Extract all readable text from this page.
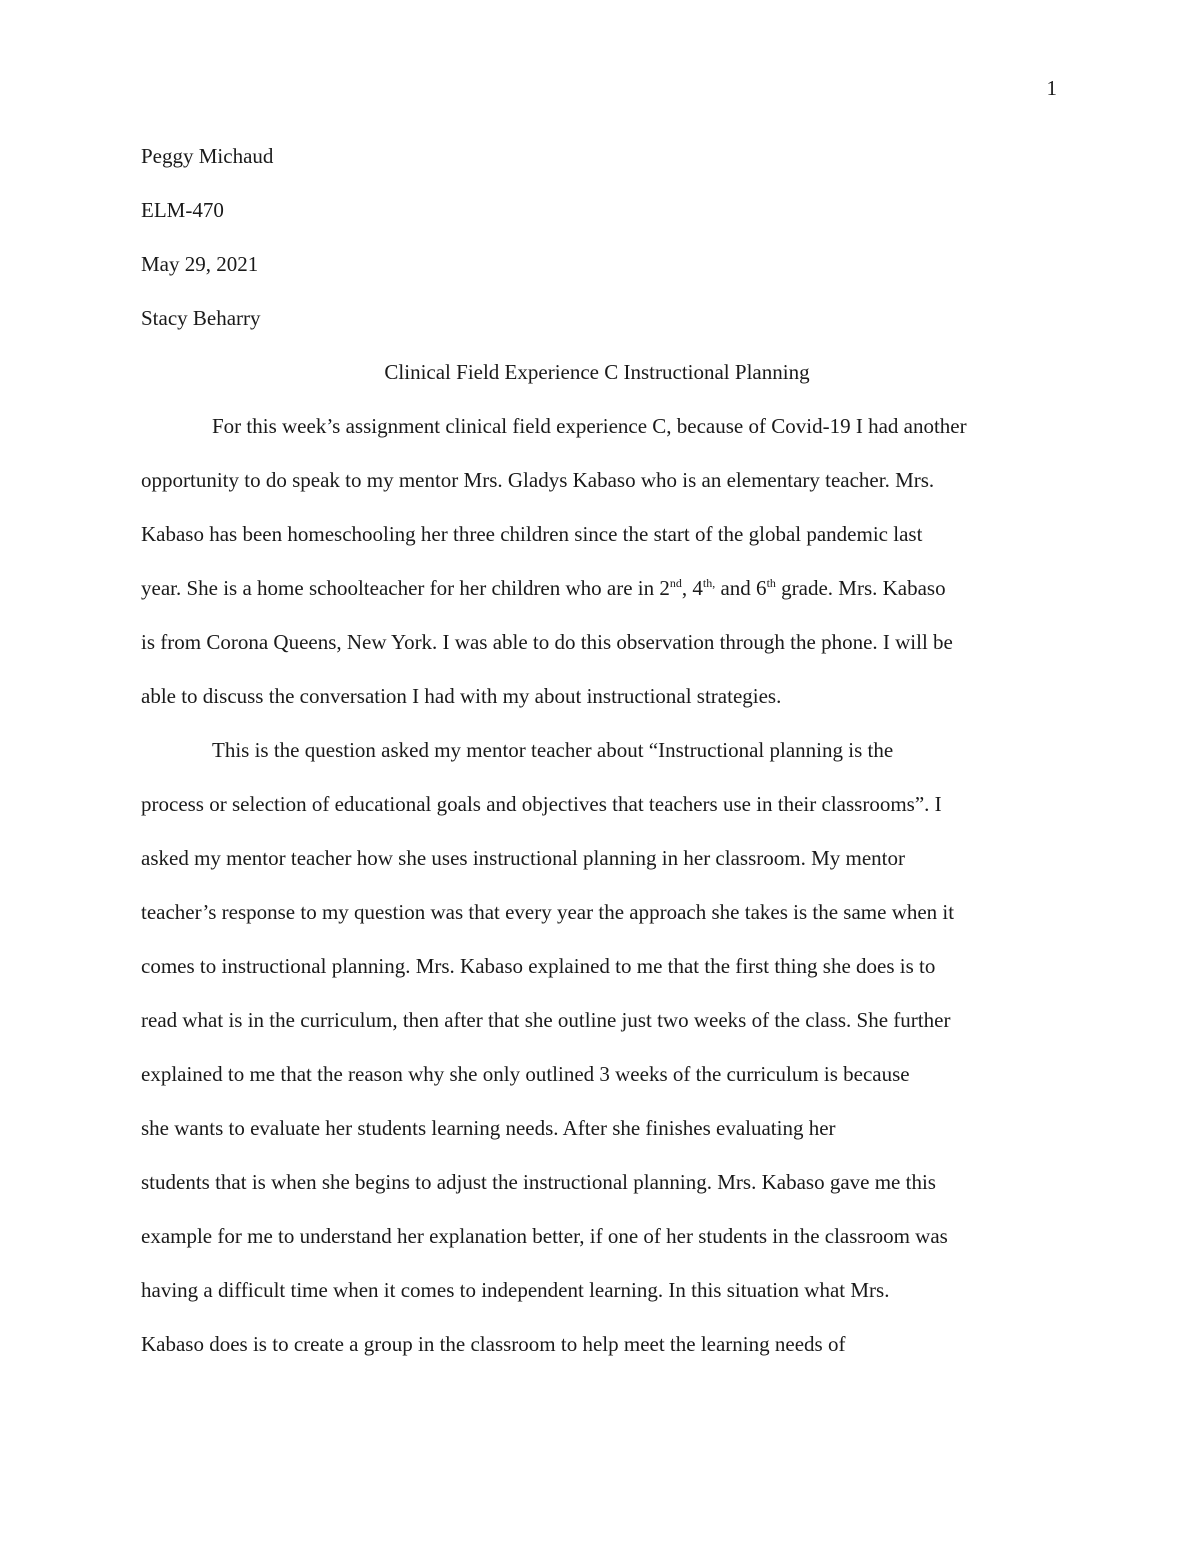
1
Peggy Michaud
ELM-470
May 29, 2021
Stacy Beharry
Clinical Field Experience C Instructional Planning
For this week’s assignment clinical field experience C, because of Covid-19 I had another
opportunity to do speak to my mentor Mrs. Gladys Kabaso who is an elementary teacher. Mrs.
Kabaso has been homeschooling her three children since the start of the global pandemic last
year. She is a home schoolteacher for her children who are in 2nd, $4^{th,}$ and 6th grade. Mrs. Kabaso
is from Corona Queens, New York. I was able to do this observation through the phone. I will be
able to discuss the conversation I had with my about instructional strategies.
This is the question asked my mentor teacher about “Instructional planning is the
process or selection of educational goals and objectives that teachers use in their classrooms”. I
asked my mentor teacher how she uses instructional planning in her classroom. My mentor
teacher’s response to my question was that every year the approach she takes is the same when it
comes to instructional planning. Mrs. Kabaso explained to me that the first thing she does is to
read what is in the curriculum, then after that she outline just two weeks of the class. She further
explained to me that the reason why she only outlined 3 weeks of the curriculum is because
she wants to evaluate her students learning needs. After she finishes evaluating her
students that is when she begins to adjust the instructional planning. Mrs. Kabaso gave me this
example for me to understand her explanation better, if one of her students in the classroom was
having a difficult time when it comes to independent learning. In this situation what Mrs.
Kabaso does is to create a group in the classroom to help meet the learning needs of
